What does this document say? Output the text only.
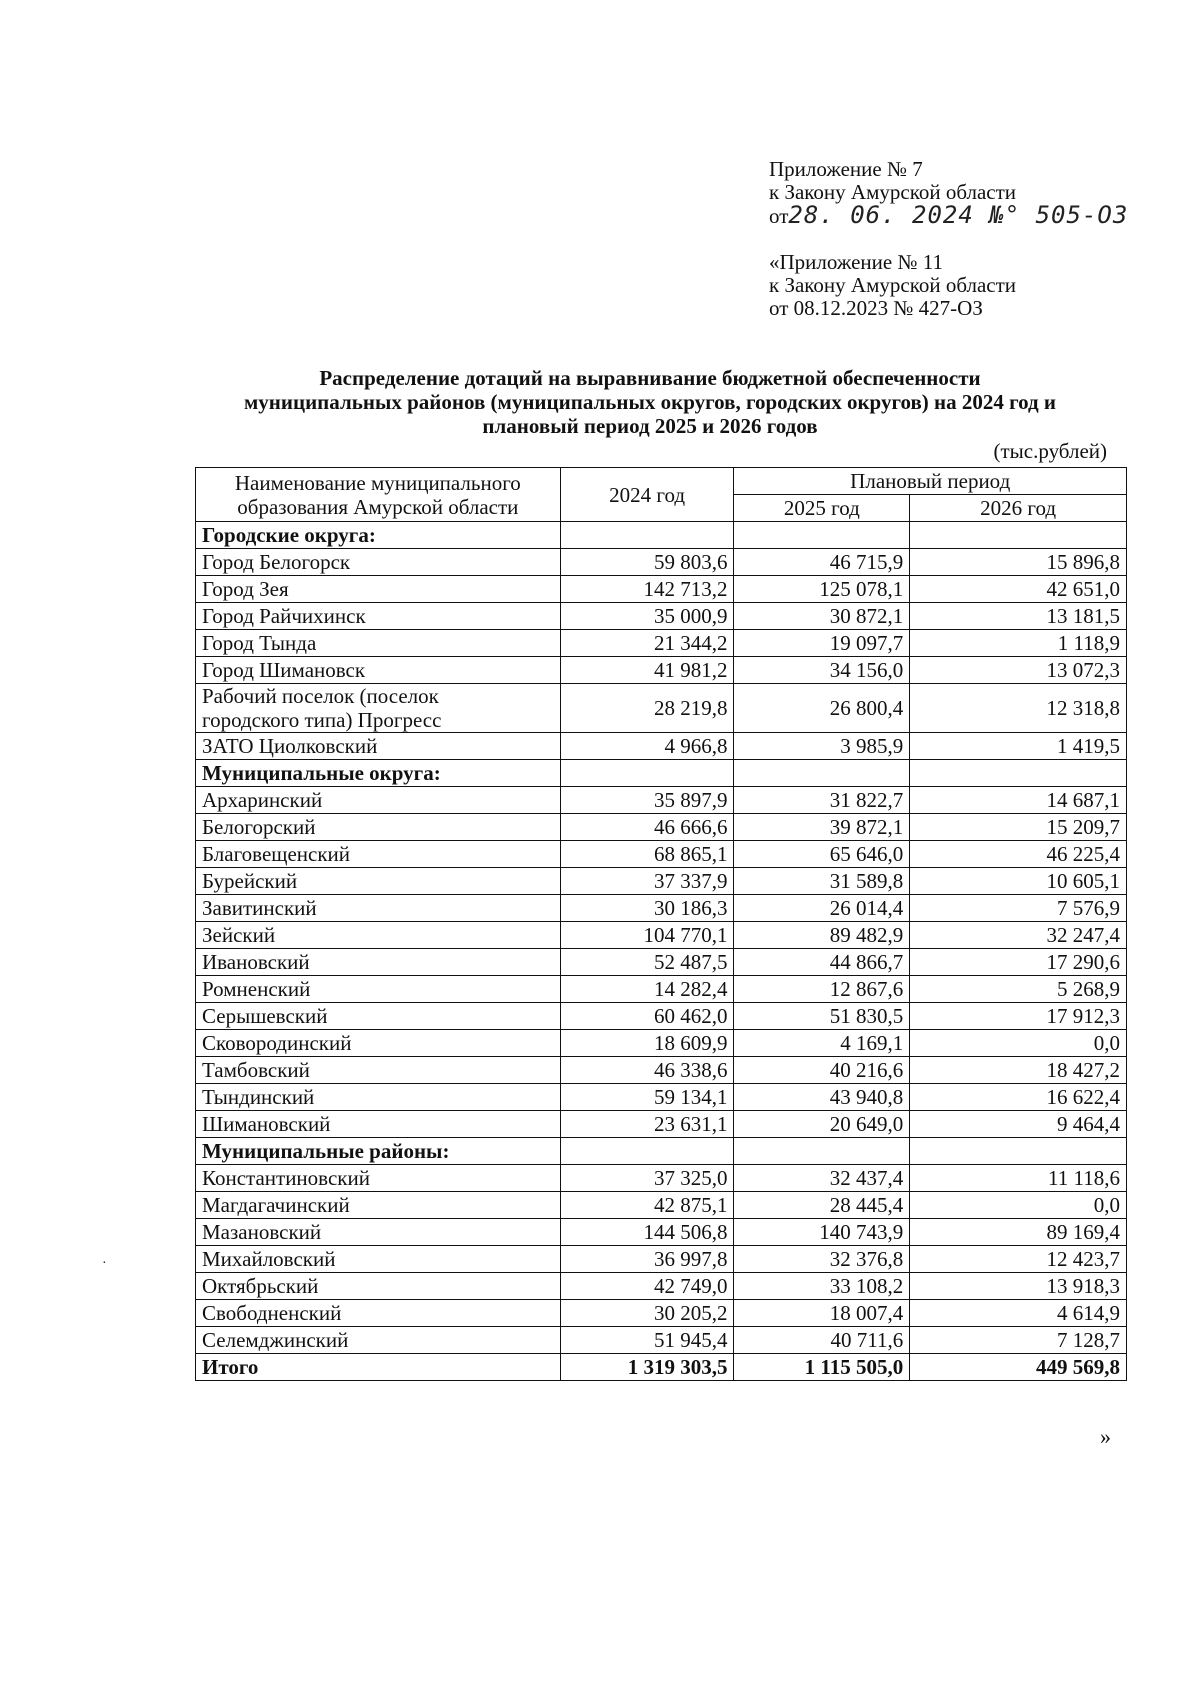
Приложение № 7
к Закону Амурской области
от28. 06. 2024 №° 505-ОЗ
«Приложение № 11
к Закону Амурской области
от 08.12.2023 № 427-ОЗ
Распределение дотаций на выравнивание бюджетной обеспеченности
муниципальных районов (муниципальных округов, городских округов) на 2024 год и
плановый период 2025 и 2026 годов
(тыс.рублей)
Наименование муниципального
образования Амурской области	2024 год	Плановый период	
		2025 год	2026 год
Городские округа:			

Город Белогорск	59 803,6	46 715,9	15 896,8

Город Зея	142 713,2	125 078,1	42 651,0

Город Райчихинск	35 000,9	30 872,1	13 181,5

Город Тында	21 344,2	19 097,7	1 118,9

Город Шимановск	41 981,2	34 156,0	13 072,3

Рабочий поселок (поселок
городского типа) Прогресс	28 219,8	26 800,4	12 318,8

ЗАТО Циолковский	4 966,8	3 985,9	1 419,5
Муниципальные округа:			

Архаринский	35 897,9	31 822,7	14 687,1

Белогорский	46 666,6	39 872,1	15 209,7

Благовещенский	68 865,1	65 646,0	46 225,4

Бурейский	37 337,9	31 589,8	10 605,1

Завитинский	30 186,3	26 014,4	7 576,9

Зейский	104 770,1	89 482,9	32 247,4

Ивановский	52 487,5	44 866,7	17 290,6

Ромненский	14 282,4	12 867,6	5 268,9

Серышевский	60 462,0	51 830,5	17 912,3

Сковородинский	18 609,9	4 169,1	0,0

Тамбовский	46 338,6	40 216,6	18 427,2

Тындинский	59 134,1	43 940,8	16 622,4

Шимановский	23 631,1	20 649,0	9 464,4
Муниципальные районы:			

Константиновский	37 325,0	32 437,4	11 118,6

Магдагачинский	42 875,1	28 445,4	0,0

Мазановский	144 506,8	140 743,9	89 169,4

Михайловский	36 997,8	32 376,8	12 423,7

Октябрьский	42 749,0	33 108,2	13 918,3

Свободненский	30 205,2	18 007,4	4 614,9

Селемджинский	51 945,4	40 711,6	7 128,7
Итого	1 319 303,5	1 115 505,0	449 569,8
»
·
